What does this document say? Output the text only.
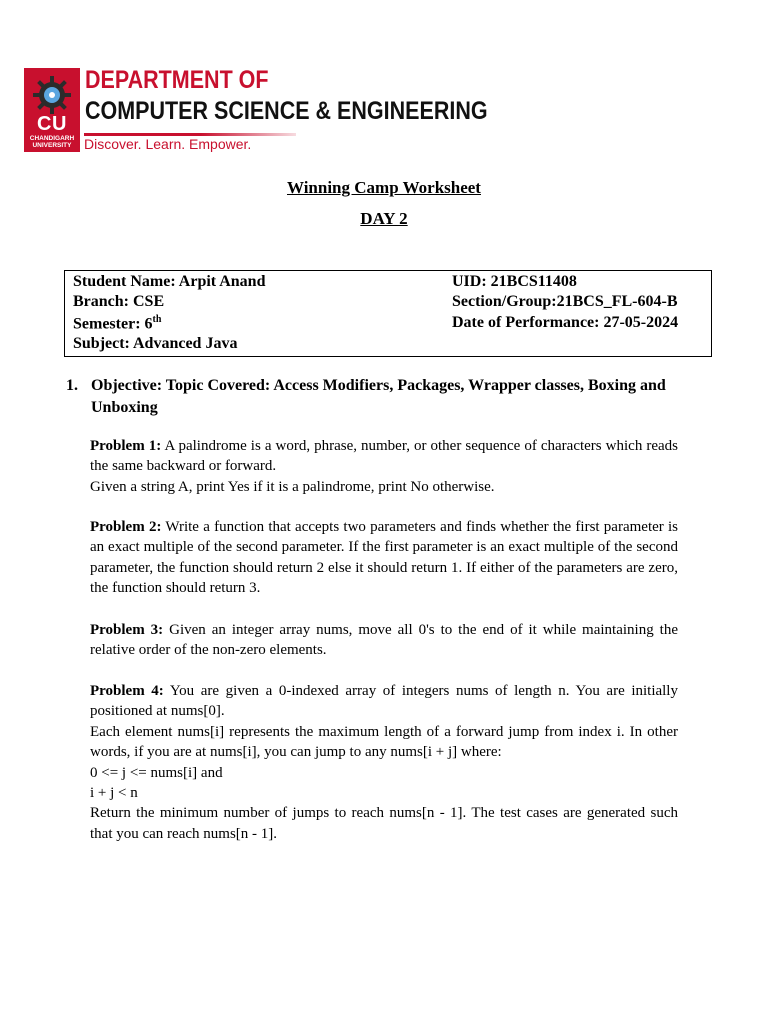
CU
CHANDIGARH UNIVERSITY
DEPARTMENT OF
COMPUTER SCIENCE & ENGINEERING
Discover. Learn. Empower.
Winning Camp Worksheet
DAY 2
Student Name: Arpit Anand	UID: 21BCS11408
Branch: CSE	Section/Group:21BCS_FL-604-B
Semester: 6th	Date of Performance: 27-05-2024
Subject: Advanced Java
1. Objective: Topic Covered: Access Modifiers, Packages, Wrapper classes, Boxing and Unboxing
Problem 1: A palindrome is a word, phrase, number, or other sequence of characters which reads the same backward or forward.
Given a string A, print Yes if it is a palindrome, print No otherwise.
Problem 2: Write a function that accepts two parameters and finds whether the first parameter is an exact multiple of the second parameter. If the first parameter is an exact multiple of the second parameter, the function should return 2 else it should return 1. If either of the parameters are zero, the function should return 3.
Problem 3: Given an integer array nums, move all 0's to the end of it while maintaining the relative order of the non-zero elements.
Problem 4: You are given a 0-indexed array of integers nums of length n. You are initially positioned at nums[0].
Each element nums[i] represents the maximum length of a forward jump from index i. In other words, if you are at nums[i], you can jump to any nums[i + j] where:
0 <= j <= nums[i] and
i + j < n
Return the minimum number of jumps to reach nums[n - 1]. The test cases are generated such that you can reach nums[n - 1].
